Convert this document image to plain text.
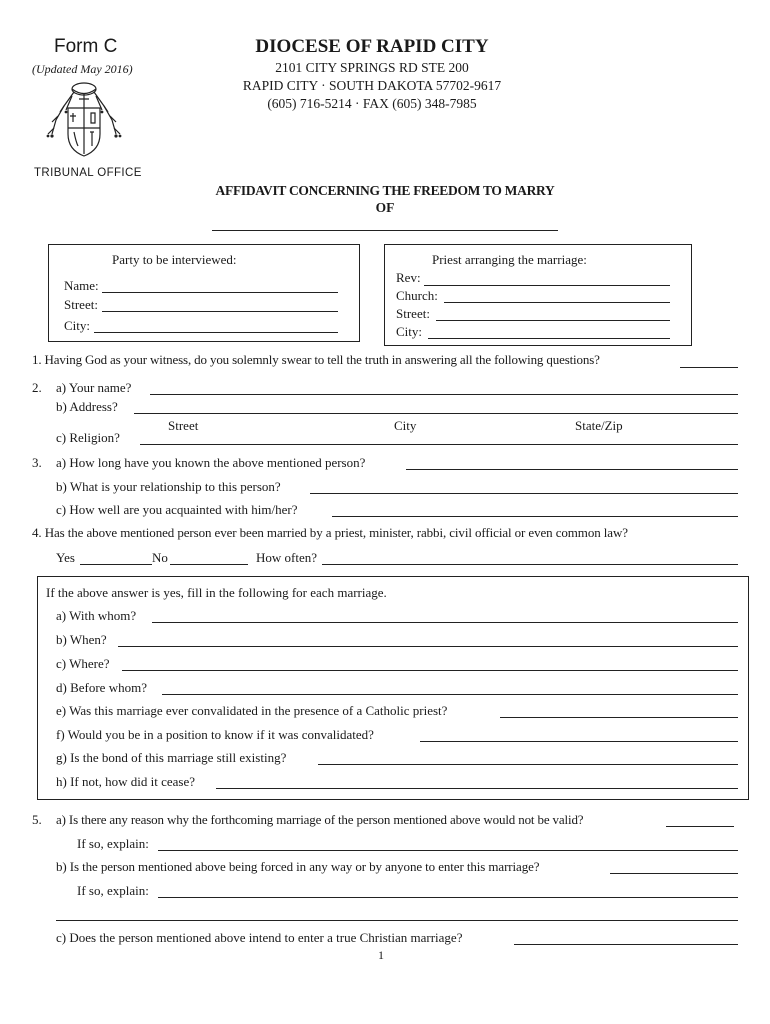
Form C
(Updated May 2016)
TRIBUNAL OFFICE
DIOCESE OF RAPID CITY
2101 CITY SPRINGS RD STE 200
RAPID CITY · SOUTH DAKOTA 57702-9617
(605) 716-5214 · FAX (605) 348-7985
AFFIDAVIT CONCERNING THE FREEDOM TO MARRY
OF
Party to be interviewed:
Name:
Street:
City:
Priest arranging the marriage:
Rev:
Church:
Street:
City:
1. Having God as your witness, do you solemnly swear to tell the truth in answering all the following questions?
2. a) Your name?
b) Address?
Street	City	State/Zip
c) Religion?
3. a) How long have you known the above mentioned person?
b) What is your relationship to this person?
c) How well are you acquainted with him/her?
4. Has the above mentioned person ever been married by a priest, minister, rabbi, civil official or even common law?
Yes	No	How often?
If the above answer is yes, fill in the following for each marriage.
a) With whom?
b) When?
c) Where?
d) Before whom?
e) Was this marriage ever convalidated in the presence of a Catholic priest?
f) Would you be in a position to know if it was convalidated?
g) Is the bond of this marriage still existing?
h) If not, how did it cease?
5. a) Is there any reason why the forthcoming marriage of the person mentioned above would not be valid?
If so, explain:
b) Is the person mentioned above being forced in any way or by anyone to enter this marriage?
If so, explain:
c) Does the person mentioned above intend to enter a true Christian marriage?
1
